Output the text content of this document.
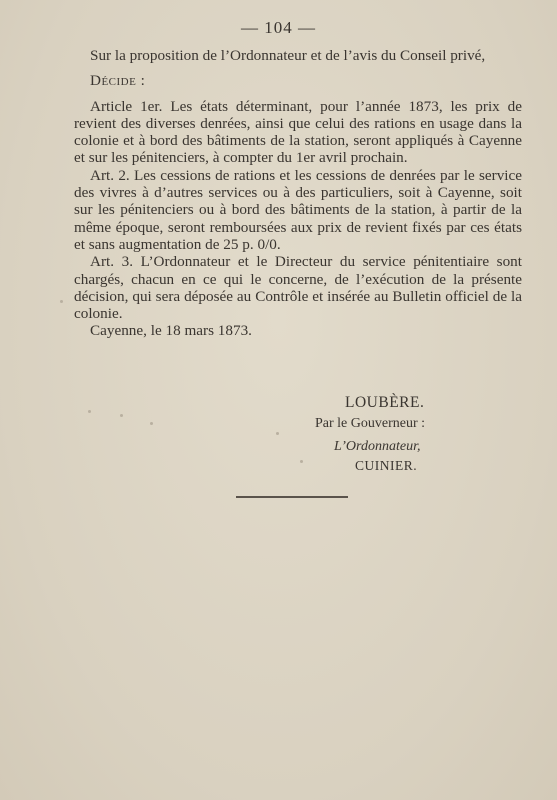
— 104 —

Sur la proposition de l’Ordonnateur et de l’avis du Conseil privé,

Décide :

Article 1er. Les états déterminant, pour l’année 1873, les prix de revient des diverses denrées, ainsi que celui des rations en usage dans la colonie et à bord des bâtiments de la station, seront appliqués à Cayenne et sur les pénitenciers, à compter du 1er avril prochain.

Art. 2. Les cessions de rations et les cessions de denrées par le service des vivres à d’autres services ou à des particuliers, soit à Cayenne, soit sur les pénitenciers ou à bord des bâtiments de la station, à partir de la même époque, seront remboursées aux prix de revient fixés par ces états et sans augmentation de 25 p. 0/0.

Art. 3. L’Ordonnateur et le Directeur du service pénitentiaire sont chargés, chacun en ce qui le concerne, de l’exécution de la présente décision, qui sera déposée au Contrôle et insérée au Bulletin officiel de la colonie.

Cayenne, le 18 mars 1873.

LOUBÈRE.
Par le Gouverneur :
L’Ordonnateur,
CUINIER.
